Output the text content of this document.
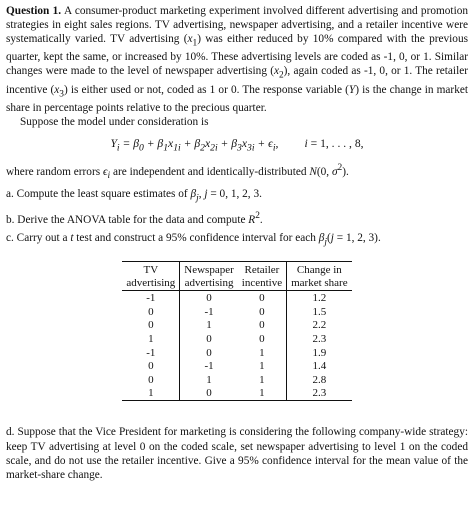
Question 1. A consumer-product marketing experiment involved different advertising and promotion strategies in eight sales regions. TV advertising, newspaper advertising, and a retailer incentive were systematically varied. TV advertising $(x_1)$ was either reduced by 10% compared with the previous quarter, kept the same, or increased by 10%. These advertising levels are coded as -1, 0, or 1. Similar changes were made to the level of newspaper advertising $(x_2)$, again coded as -1, 0, or 1. The retailer incentive $(x_3)$ is either used or not, coded as 1 or 0. The response variable (Y) is the change in market share in percentage points relative to the precious quarter.

Suppose the model under consideration is

$Y_i = \beta_0 + \beta_1x_{1i} + \beta_2x_{2i} + \beta_3x_{3i} + \epsilon_i$, i = 1, . . . , 8,

where random errors $\epsilon_i$ are independent and identically-distributed N(0, $\sigma^2$).

a. Compute the least square estimates of $\beta_j$, j = 0, 1, 2, 3.
b. Derive the ANOVA table for the data and compute $R^2$.
c. Carry out a t test and construct a 95% confidence interval for each $\beta_j(j = 1$, 2, 3).
TV	Newspaper	Retailer	Change in
advertising	advertising	incentive	market share
-1	0	0	1.2
0	-1	0	1.5
0	1	0	2.2
1	0	0	2.3
-1	0	1	1.9
0	-1	1	1.4
0	1	1	2.8
1	0	1	2.3

d. Suppose that the Vice President for marketing is considering the following company-wide strategy: keep TV advertising at level 0 on the coded scale, set newspaper advertising to level 1 on the coded scale, and do not use the retailer incentive. Give a 95% confidence interval for the mean value of the market-share change.
